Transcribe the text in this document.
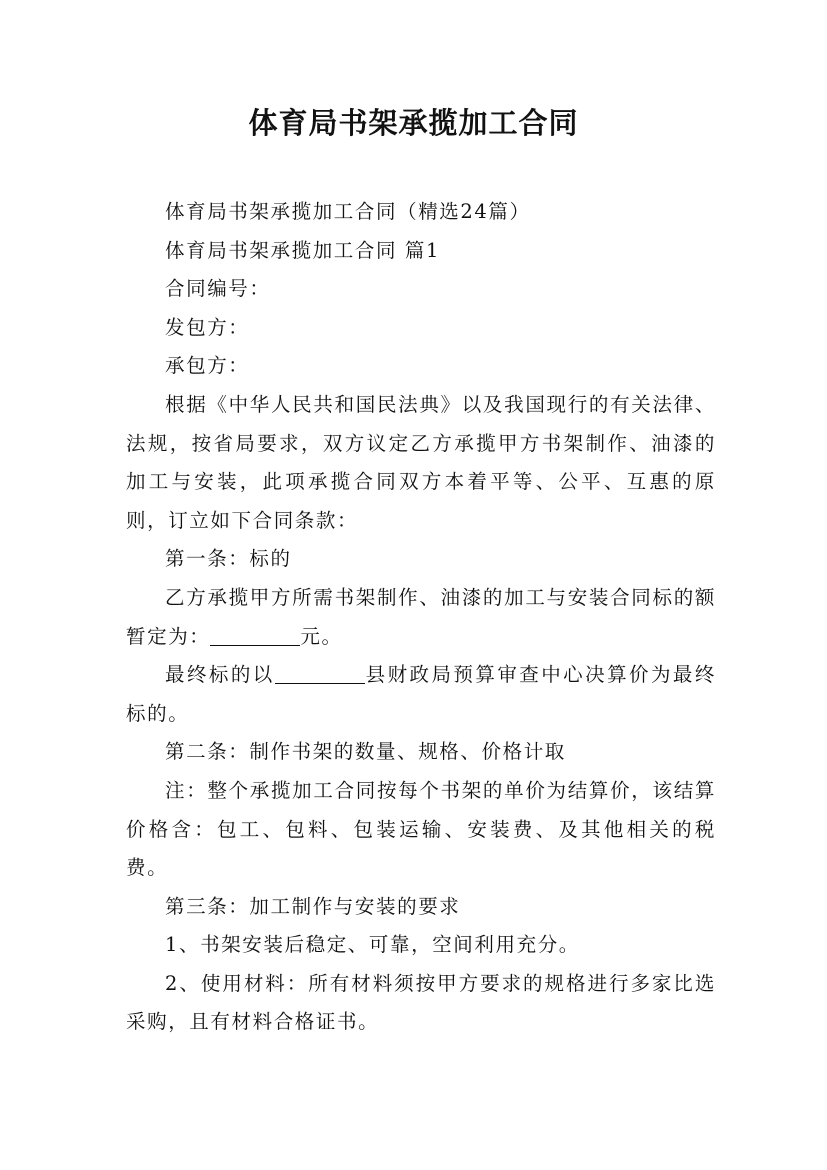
体育局书架承揽加工合同

体育局书架承揽加工合同（精选24篇）

体育局书架承揽加工合同 篇1

合同编号：

发包方：

承包方：

根据《中华人民共和国民法典》以及我国现行的有关法律、法规，按省局要求，双方议定乙方承揽甲方书架制作、油漆的加工与安装，此项承揽合同双方本着平等、公平、互惠的原则，订立如下合同条款：

第一条：标的

乙方承揽甲方所需书架制作、油漆的加工与安装合同标的额暂定为：	元。

最终标的以	县财政局预算审查中心决算价为最终标的。

第二条：制作书架的数量、规格、价格计取

注：整个承揽加工合同按每个书架的单价为结算价，该结算价格含：包工、包料、包装运输、安装费、及其他相关的税费。

第三条：加工制作与安装的要求

1、书架安装后稳定、可靠，空间利用充分。

2、使用材料：所有材料须按甲方要求的规格进行多家比选采购，且有材料合格证书。
